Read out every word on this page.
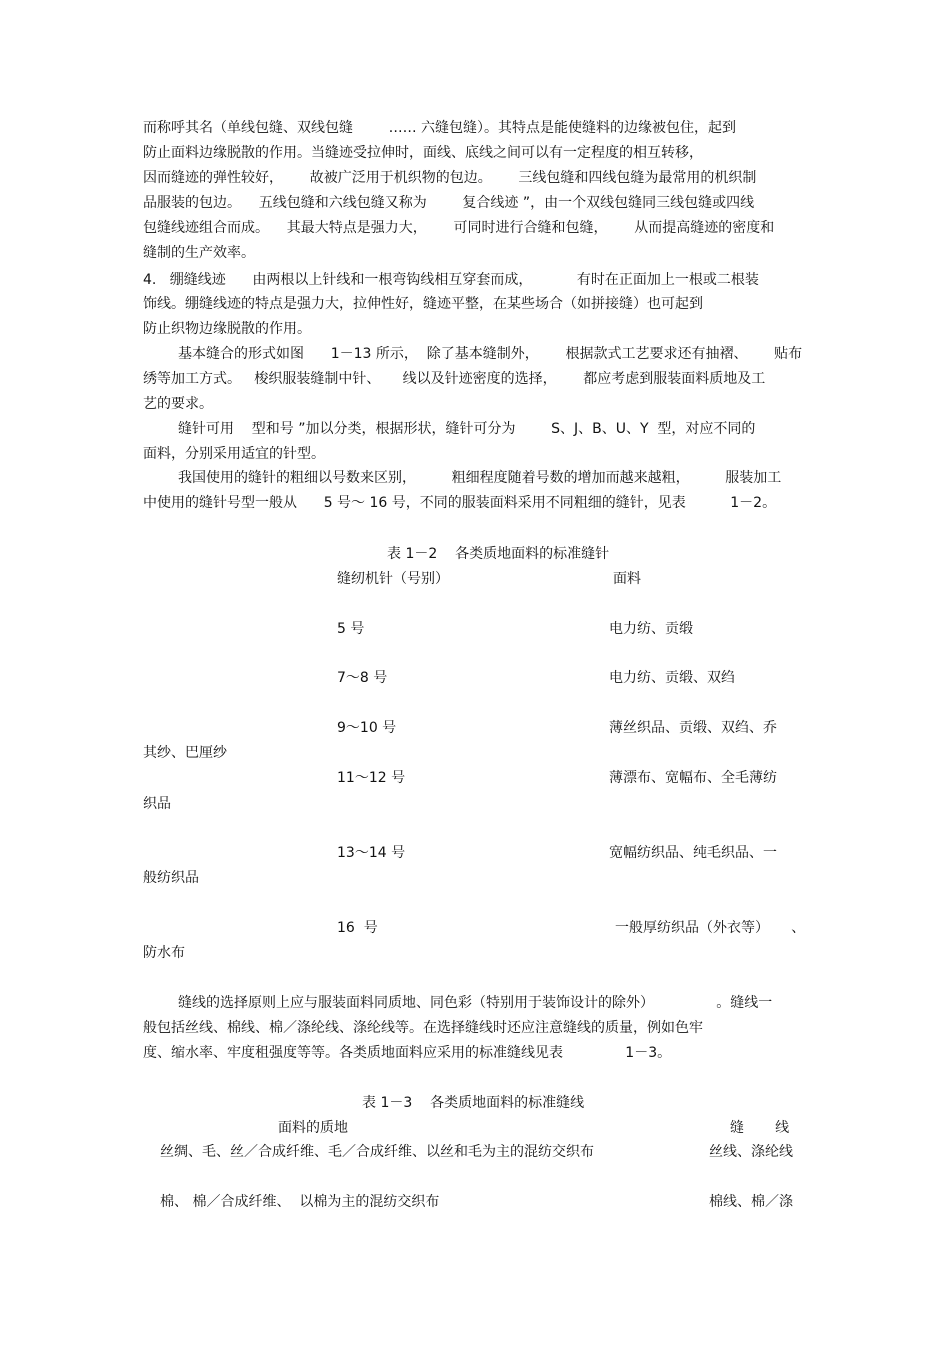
而称呼其名（单线包缝、双线包缝        …… 六缝包缝）。其特点是能使缝料的边缘被包住，起到
防止面料边缘脱散的作用。当缝迹受拉伸时，面线、底线之间可以有一定程度的相互转移，
因而缝迹的弹性较好，      故被广泛用于机织物的包边。      三线包缝和四线包缝为最常用的机织制
品服装的包边。    五线包缝和六线包缝又称为        复合线迹 ”，由一个双线包缝同三线包缝或四线
包缝线迹组合而成。    其最大特点是强力大，      可同时进行合缝和包缝，      从而提高缝迹的密度和
缝制的生产效率。
4.   绷缝线迹      由两根以上针线和一根弯钩线相互穿套而成，          有时在正面加上一根或二根装
饰线。绷缝线迹的特点是强力大，拉伸性好，缝迹平整，在某些场合（如拼接缝）也可起到
防止织物边缘脱散的作用。
基本缝合的形式如图      1－13 所示，  除了基本缝制外，      根据款式工艺要求还有抽褶、      贴布
绣等加工方式。   梭织服装缝制中针、     线以及针迹密度的选择，      都应考虑到服装面料质地及工
艺的要求。
缝针可用    型和号 ”加以分类，根据形状，缝针可分为        S、J、B、U、Y  型，对应不同的
面料，分别采用适宜的针型。
我国使用的缝针的粗细以号数来区别，        粗细程度随着号数的增加而越来越粗，        服装加工
中使用的缝针号型一般从      5 号～ 16 号，不同的服装面料采用不同粗细的缝针，见表          1－2。
表 1－2    各类质地面料的标准缝针
缝纫机针（号别）	面料
5 号	电力纺、贡缎
7～8 号	电力纺、贡缎、双绉
9～10 号	薄丝织品、贡缎、双绉、乔
其纱、巴厘纱
11～12 号	薄漂布、宽幅布、全毛薄纺
织品
13～14 号	宽幅纺织品、纯毛织品、一
般纺织品
16  号	一般厚纺织品（外衣等）     、
防水布
缝线的选择原则上应与服装面料同质地、同色彩（特别用于装饰设计的除外）              。缝线一
般包括丝线、棉线、棉／涤纶线、涤纶线等。在选择缝线时还应注意缝线的质量，例如色牢
度、缩水率、牢度租强度等等。各类质地面料应采用的标准缝线见表              1－3。
表 1－3    各类质地面料的标准缝线
面料的质地	缝       线
丝绸、毛、丝／合成纤维、毛／合成纤维、以丝和毛为主的混纺交织布	丝线、涤纶线
棉、 棉／合成纤维、  以棉为主的混纺交织布	棉线、棉／涤
